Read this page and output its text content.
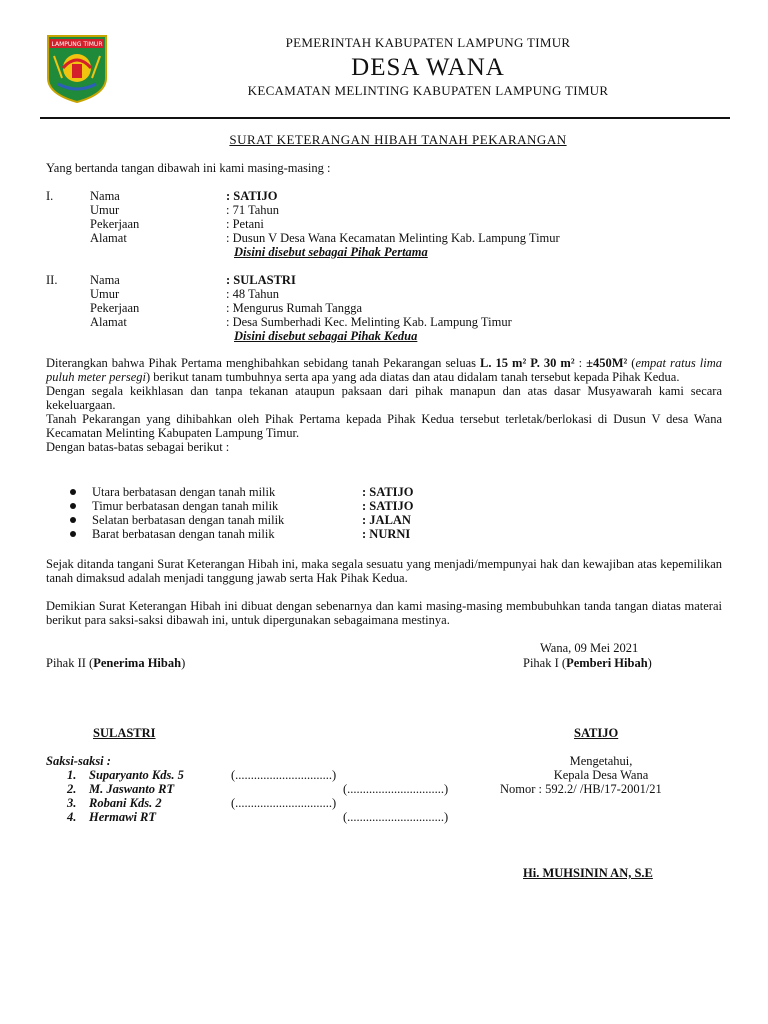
LAMPUNG TIMUR	PEMERINTAH KABUPATEN LAMPUNG TIMUR
DESA WANA
KECAMATAN MELINTING KABUPATEN LAMPUNG TIMUR
SURAT KETERANGAN HIBAH TANAH PEKARANGAN
Yang bertanda tangan dibawah ini kami masing-masing :
I.	Nama	: SATIJO
Umur	: 71 Tahun
Pekerjaan	: Petani
Alamat	: Dusun V Desa Wana Kecamatan Melinting Kab. Lampung Timur
Disini disebut sebagai Pihak Pertama
II.	Nama	: SULASTRI
Umur	: 48 Tahun
Pekerjaan	: Mengurus Rumah Tangga
Alamat	: Desa Sumberhadi Kec. Melinting Kab. Lampung Timur
Disini disebut sebagai Pihak Kedua

Diterangkan bahwa Pihak Pertama menghibahkan sebidang tanah Pekarangan seluas L. 15 m² P. 30 m² : ±450M² (empat ratus lima puluh meter persegi) berikut tanam tumbuhnya serta apa yang ada diatas dan atau didalam tanah tersebut kepada Pihak Kedua.

Dengan segala keikhlasan dan tanpa tekanan ataupun paksaan dari pihak manapun dan atas dasar Musyawarah kami secara kekeluargaan.

Tanah Pekarangan yang dihibahkan oleh Pihak Pertama kepada Pihak Kedua tersebut terletak/berlokasi di Dusun V desa Wana Kecamatan Melinting Kabupaten Lampung Timur.

Dengan batas-batas sebagai berikut :

Utara berbatasan dengan tanah milik	: SATIJO
Timur berbatasan dengan tanah milik	: SATIJO
Selatan berbatasan dengan tanah milik	: JALAN
Barat berbatasan dengan tanah milik	: NURNI

Sejak ditanda tangani Surat Keterangan Hibah ini, maka segala sesuatu yang menjadi/mempunyai hak dan kewajiban atas kepemilikan tanah dimaksud adalah menjadi tanggung jawab serta Hak Pihak Kedua.

Demikian Surat Keterangan Hibah ini dibuat dengan sebenarnya dan kami masing-masing membubuhkan tanda tangan diatas materai berikut para saksi-saksi dibawah ini, untuk dipergunakan sebagaimana mestinya.

Wana, 09 Mei 2021
Pihak II (Penerima Hibah)	Pihak I (Pemberi Hibah)
SULASTRI	SATIJO
Saksi-saksi :
1. Suparyanto Kds. 5	(...............................)
2. M. Jaswanto RT	(...............................)
3. Robani Kds. 2	(...............................)
4. Hermawi RT	(...............................)
Mengetahui,
Kepala Desa Wana
Nomor : 592.2/ /HB/17-2001/21
Hi. MUHSININ AN, S.E
